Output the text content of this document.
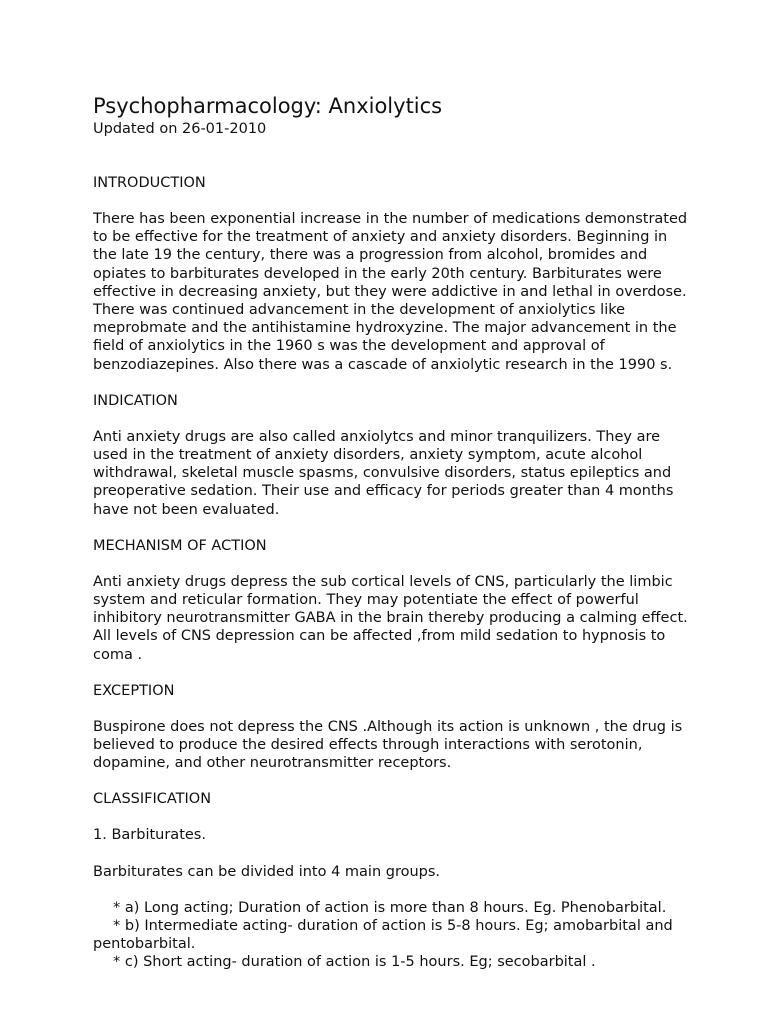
Psychopharmacology: Anxiolytics

Updated on 26-01-2010

INTRODUCTION

There has been exponential increase in the number of medications demonstrated to be effective for the treatment of anxiety and anxiety disorders. Beginning in the late 19 the century, there was a progression from alcohol, bromides and opiates to barbiturates developed in the early 20th century. Barbiturates were effective in decreasing anxiety, but they were addictive in and lethal in overdose. There was continued advancement in the development of anxiolytics like meprobmate and the antihistamine hydroxyzine. The major advancement in the field of anxiolytics in the 1960 s was the development and approval of benzodiazepines. Also there was a cascade of anxiolytic research in the 1990 s.

INDICATION

Anti anxiety drugs are also called anxiolytcs and minor tranquilizers. They are used in the treatment of anxiety disorders, anxiety symptom, acute alcohol withdrawal, skeletal muscle spasms, convulsive disorders, status epileptics and preoperative sedation. Their use and efficacy for periods greater than 4 months have not been evaluated.

MECHANISM OF ACTION

Anti anxiety drugs depress the sub cortical levels of CNS, particularly the limbic system and reticular formation. They may potentiate the effect of powerful inhibitory neurotransmitter GABA in the brain thereby producing a calming effect. All levels of CNS depression can be affected ,from mild sedation to hypnosis to coma .

EXCEPTION

Buspirone does not depress the CNS .Although its action is unknown , the drug is believed to produce the desired effects through interactions with serotonin, dopamine, and other neurotransmitter receptors.

CLASSIFICATION

1. Barbiturates.

Barbiturates can be divided into 4 main groups.

* a) Long acting; Duration of action is more than 8 hours. Eg. Phenobarbital.

* b) Intermediate acting- duration of action is 5-8 hours. Eg; amobarbital and pentobarbital.

* c) Short acting- duration of action is 1-5 hours. Eg; secobarbital .
